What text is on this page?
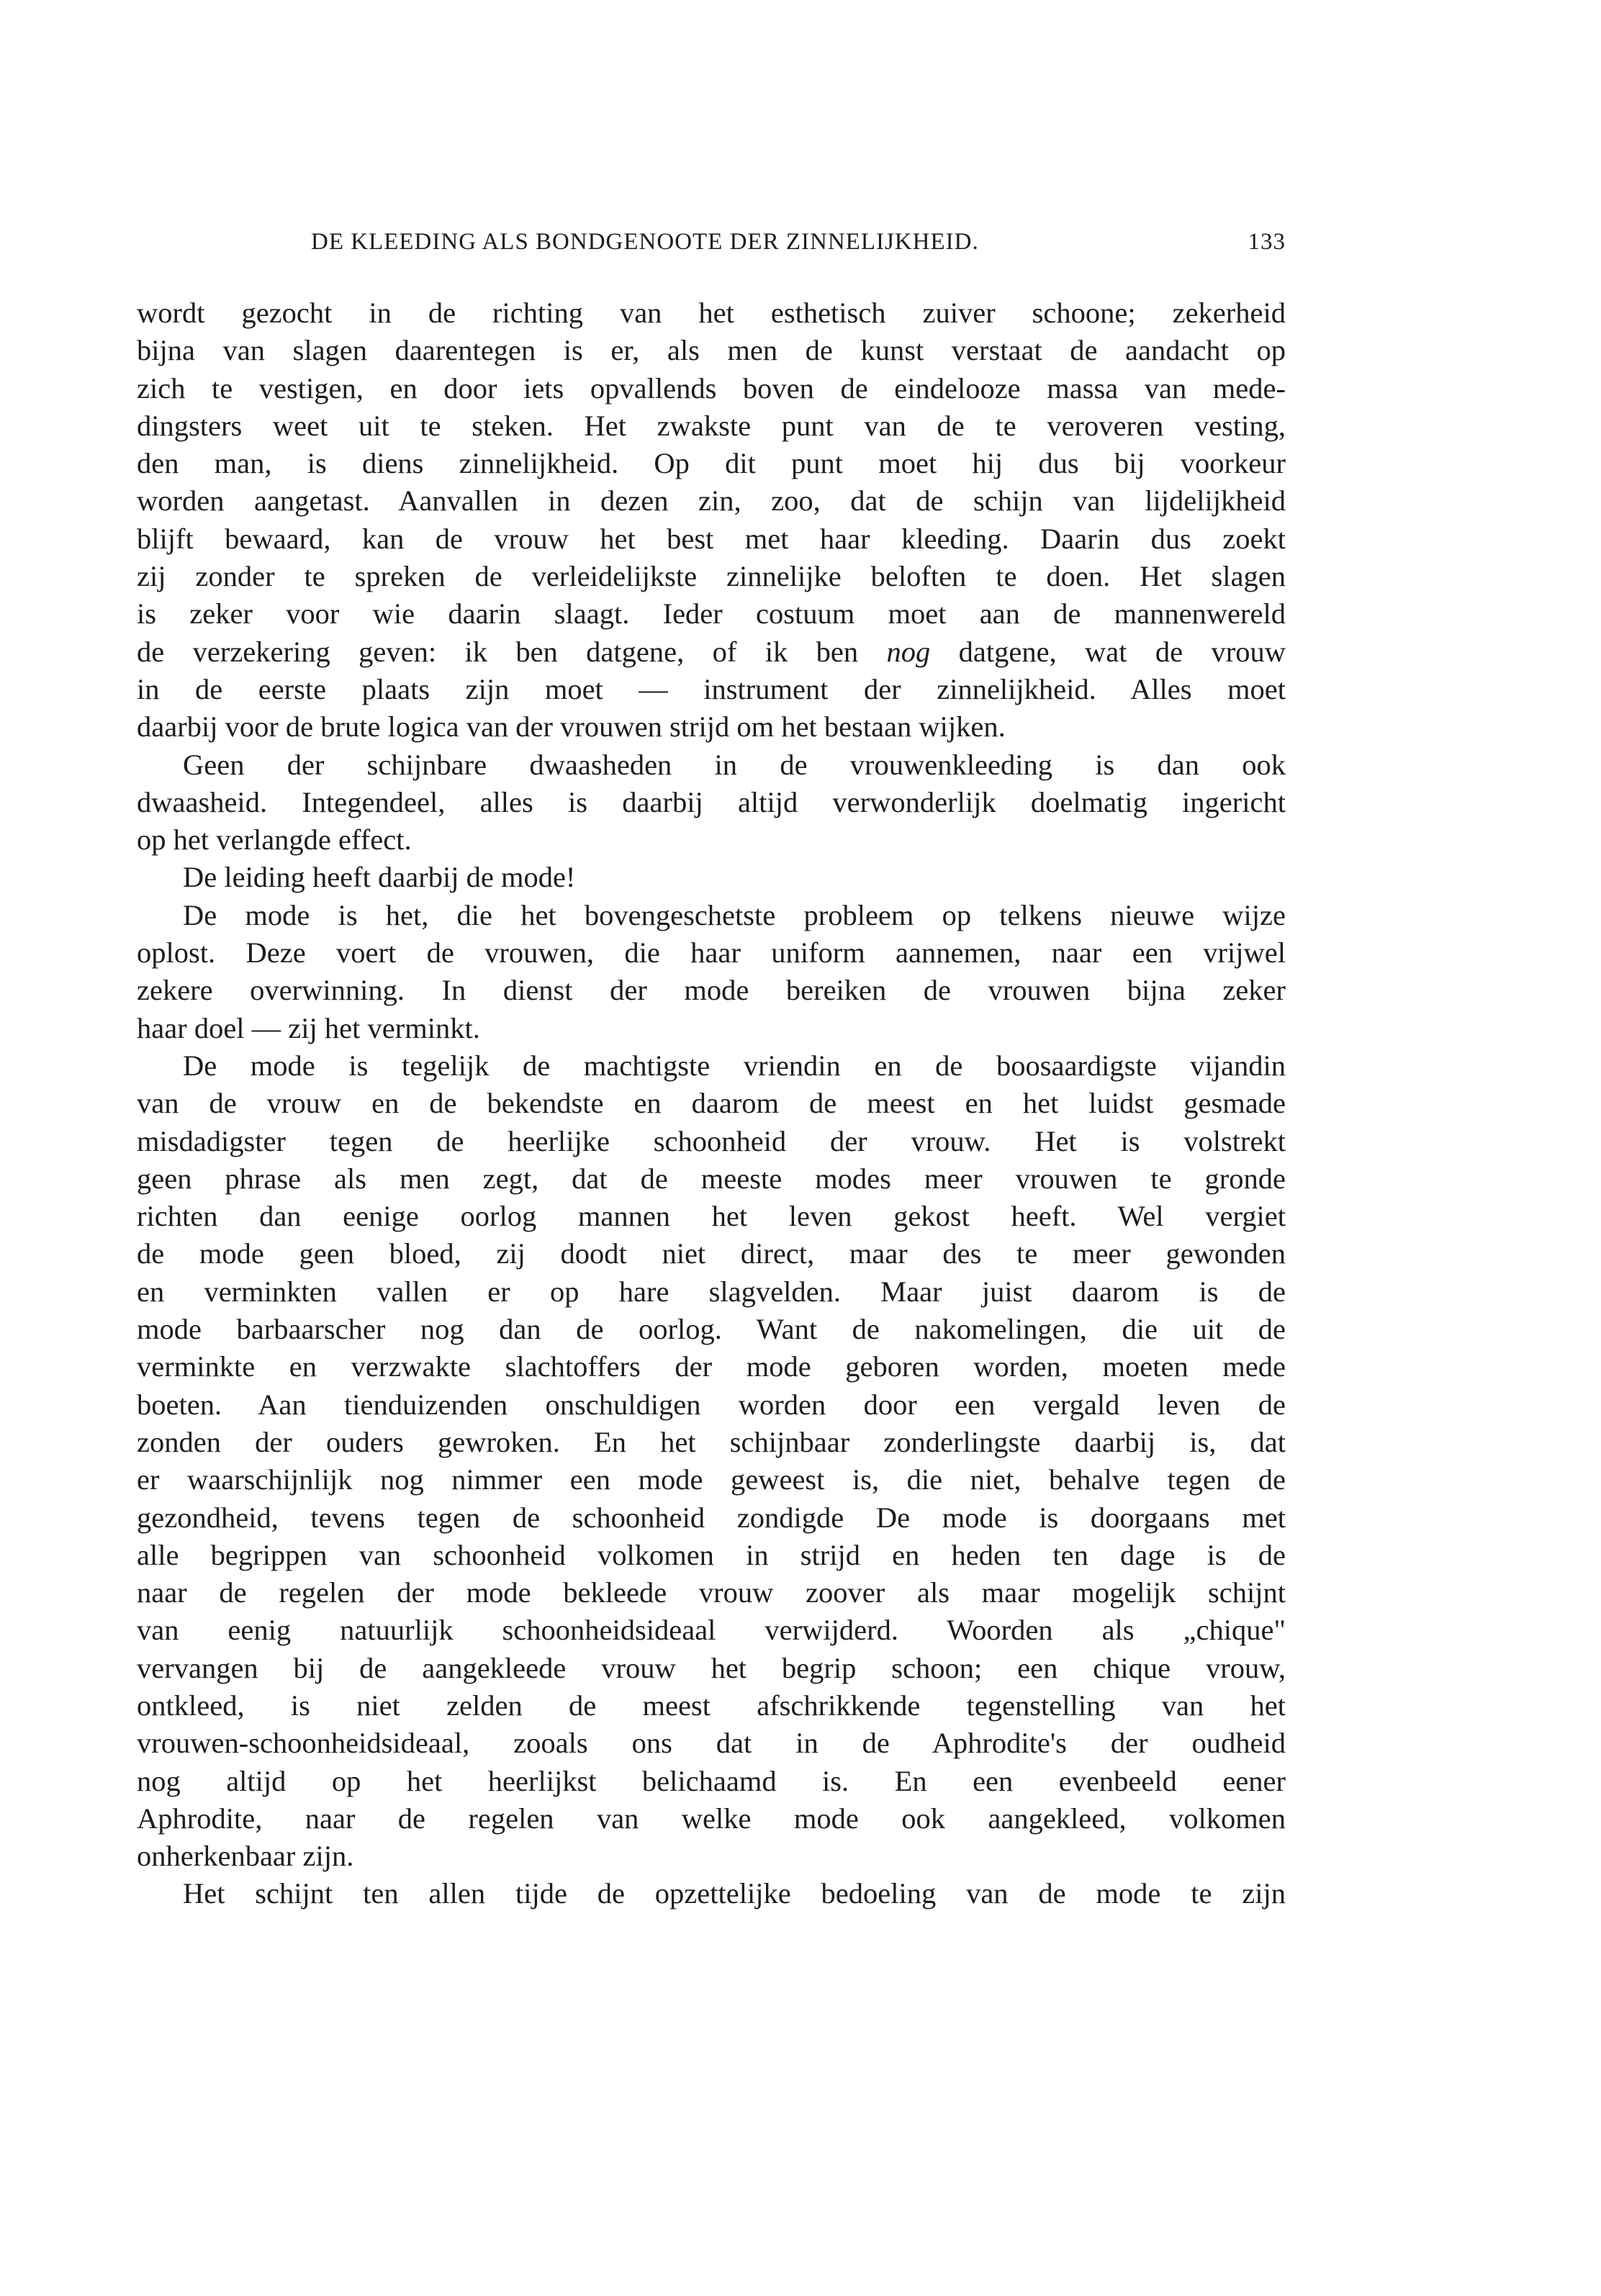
DE KLEEDING ALS BONDGENOOTE DER ZINNELIJKHEID.	133
wordt gezocht in de richting van het esthetisch zuiver schoone; zekerheid
bijna van slagen daarentegen is er, als men de kunst verstaat de aandacht op
zich te vestigen, en door iets opvallends boven de eindelooze massa van mede-
dingsters weet uit te steken. Het zwakste punt van de te veroveren vesting,
den man, is diens zinnelijkheid. Op dit punt moet hij dus bij voorkeur
worden aangetast. Aanvallen in dezen zin, zoo, dat de schijn van lijdelijkheid
blijft bewaard, kan de vrouw het best met haar kleeding. Daarin dus zoekt
zij zonder te spreken de verleidelijkste zinnelijke beloften te doen. Het slagen
is zeker voor wie daarin slaagt. Ieder costuum moet aan de mannenwereld
de verzekering geven: ik ben datgene, of ik ben nog datgene, wat de vrouw
in de eerste plaats zijn moet — instrument der zinnelijkheid. Alles moet
daarbij voor de brute logica van der vrouwen strijd om het bestaan wijken.
Geen der schijnbare dwaasheden in de vrouwenkleeding is dan ook
dwaasheid. Integendeel, alles is daarbij altijd verwonderlijk doelmatig ingericht
op het verlangde effect.
De leiding heeft daarbij de mode!
De mode is het, die het bovengeschetste probleem op telkens nieuwe wijze
oplost. Deze voert de vrouwen, die haar uniform aannemen, naar een vrijwel
zekere overwinning. In dienst der mode bereiken de vrouwen bijna zeker
haar doel — zij het verminkt.
De mode is tegelijk de machtigste vriendin en de boosaardigste vijandin
van de vrouw en de bekendste en daarom de meest en het luidst gesmade
misdadigster tegen de heerlijke schoonheid der vrouw. Het is volstrekt
geen phrase als men zegt, dat de meeste modes meer vrouwen te gronde
richten dan eenige oorlog mannen het leven gekost heeft. Wel vergiet
de mode geen bloed, zij doodt niet direct, maar des te meer gewonden
en verminkten vallen er op hare slagvelden. Maar juist daarom is de
mode barbaarscher nog dan de oorlog. Want de nakomelingen, die uit de
verminkte en verzwakte slachtoffers der mode geboren worden, moeten mede
boeten. Aan tienduizenden onschuldigen worden door een vergald leven de
zonden der ouders gewroken. En het schijnbaar zonderlingste daarbij is, dat
er waarschijnlijk nog nimmer een mode geweest is, die niet, behalve tegen de
gezondheid, tevens tegen de schoonheid zondigde De mode is doorgaans met
alle begrippen van schoonheid volkomen in strijd en heden ten dage is de
naar de regelen der mode bekleede vrouw zoover als maar mogelijk schijnt
van eenig natuurlijk schoonheidsideaal verwijderd. Woorden als „chique"
vervangen bij de aangekleede vrouw het begrip schoon; een chique vrouw,
ontkleed, is niet zelden de meest afschrikkende tegenstelling van het
vrouwen-schoonheidsideaal, zooals ons dat in de Aphrodite's der oudheid
nog altijd op het heerlijkst belichaamd is. En een evenbeeld eener
Aphrodite, naar de regelen van welke mode ook aangekleed, volkomen
onherkenbaar zijn.
Het schijnt ten allen tijde de opzettelijke bedoeling van de mode te zijn
